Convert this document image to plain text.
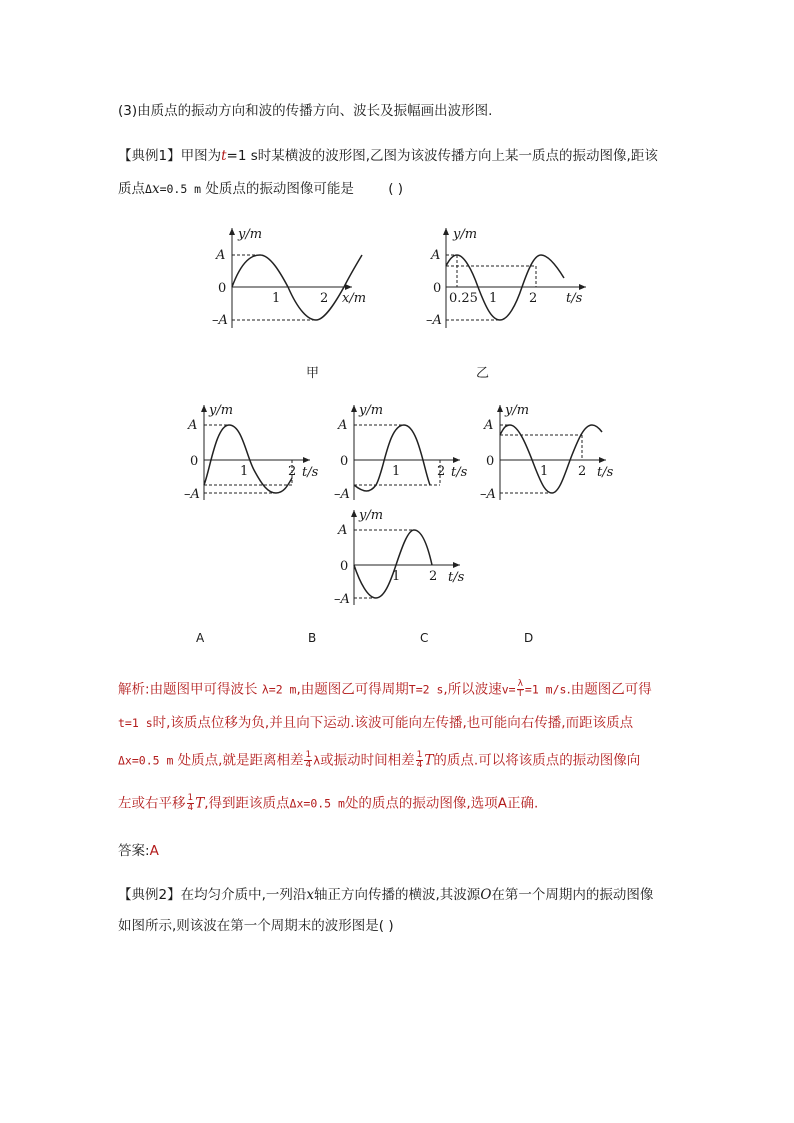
(3)由质点的振动方向和波的传播方向、波长及振幅画出波形图.
【典例1】甲图为t=1 s时某横波的波形图,乙图为该波传播方向上某一质点的振动图像,距该
质点Δx=0.5 m 处质点的振动图像可能是	( )
y/m
A
0
–A
1	2 x/m
y/m
A
0
–A
0.25 1 2 t/s
甲	乙
y/m
A
0
–A
1	2 t/s
y/m
A
0
–A
1	2 t/s
y/m
A
0
–A
1 2 t/s
y/m
A
0
–A
1 2 t/s
A	B	C	D
解析:由题图甲可得波长 λ=2 m,由题图乙可得周期T=2 s,所以波速$v= \frac{\lambda}{T} =1$ m/s.由题图乙可得
t=1 s时,该质点位移为负,并且向下运动.该波可能向左传播,也可能向右传播,而距该质点
Δx=0.5 m 处质点,就是距离相差 $\frac{1}{4}$ λ或振动时间相差 $\frac{1}{4}$ T的质点.可以将该质点的振动图像向
左或右平移 $\frac{1}{4} T$,得到距该质点Δx=0.5 m处的质点的振动图像,选项A正确.
答案:A
【典例2】在均匀介质中,一列沿x轴正方向传播的横波,其波源O在第一个周期内的振动图像
如图所示,则该波在第一个周期末的波形图是( )
